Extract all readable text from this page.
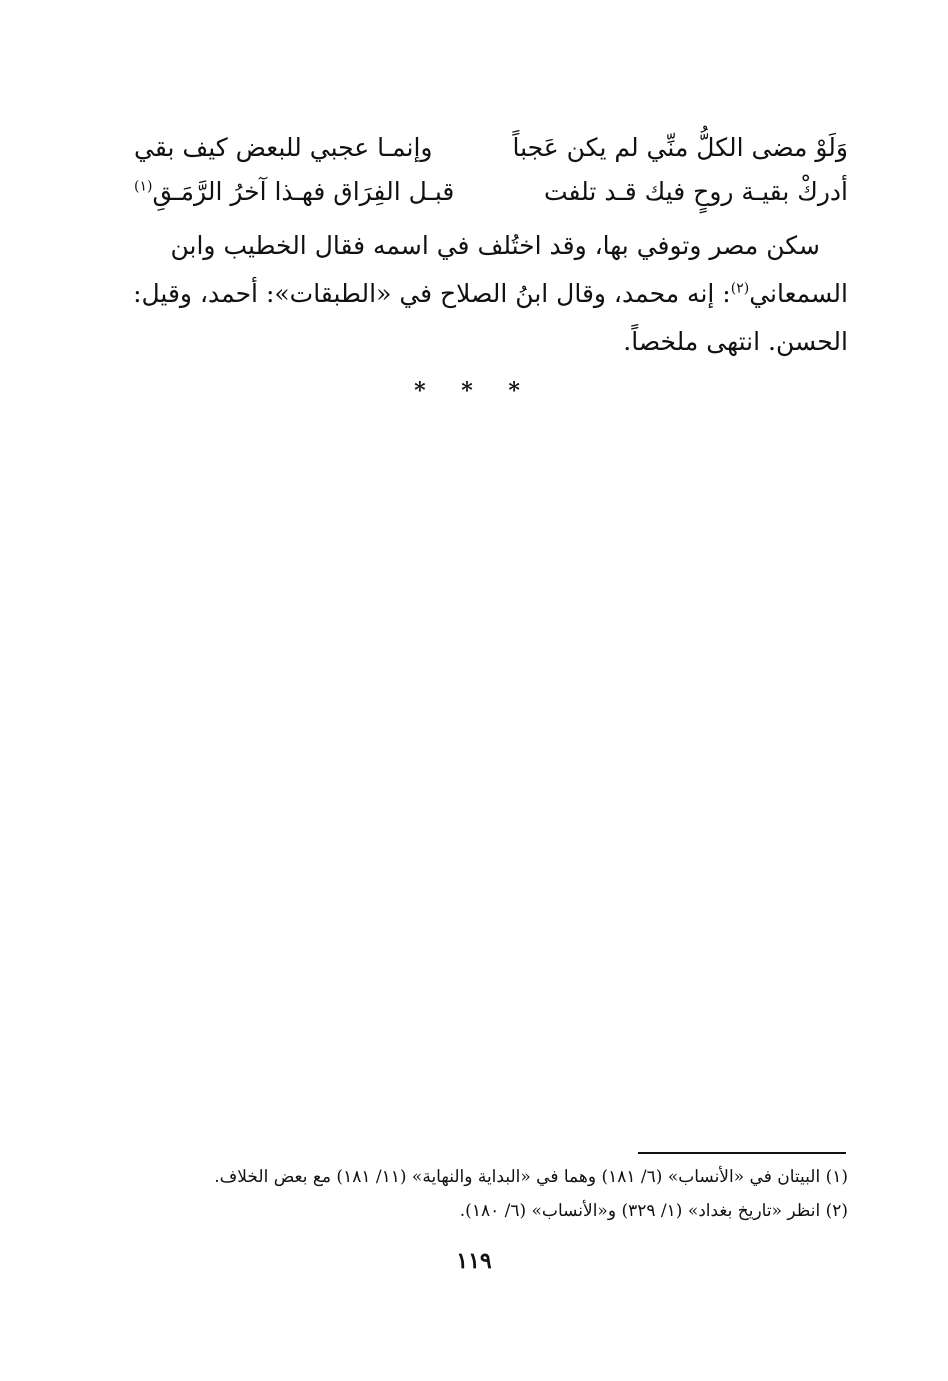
وَلَوْ مضى الكلُّ منِّي لم يكن عَجباً
وإنمـا عجبي للبعض كيف بقي
أدركْ بقيـة روحٍ فيك قـد تلفت
قبـل الفِرَاق فهـذا آخرُ الرَّمَـقِ$^{(١)}$
سكن مصر وتوفي بها، وقد اختُلف في اسمه فقال الخطيب وابن
السمعاني$^{(٢)}$: إنه محمد، وقال ابنُ الصلاح في «الطبقات»: أحمد، وقيل:
الحسن. انتهى ملخصاً.
* * *
(١) البيتان في «الأنساب» (٦/ ١٨١) وهما في «البداية والنهاية» (١١/ ١٨١) مع بعض الخلاف.
(٢) انظر «تاريخ بغداد» (١/ ٣٢٩) و«الأنساب» (٦/ ١٨٠).
١١٩
